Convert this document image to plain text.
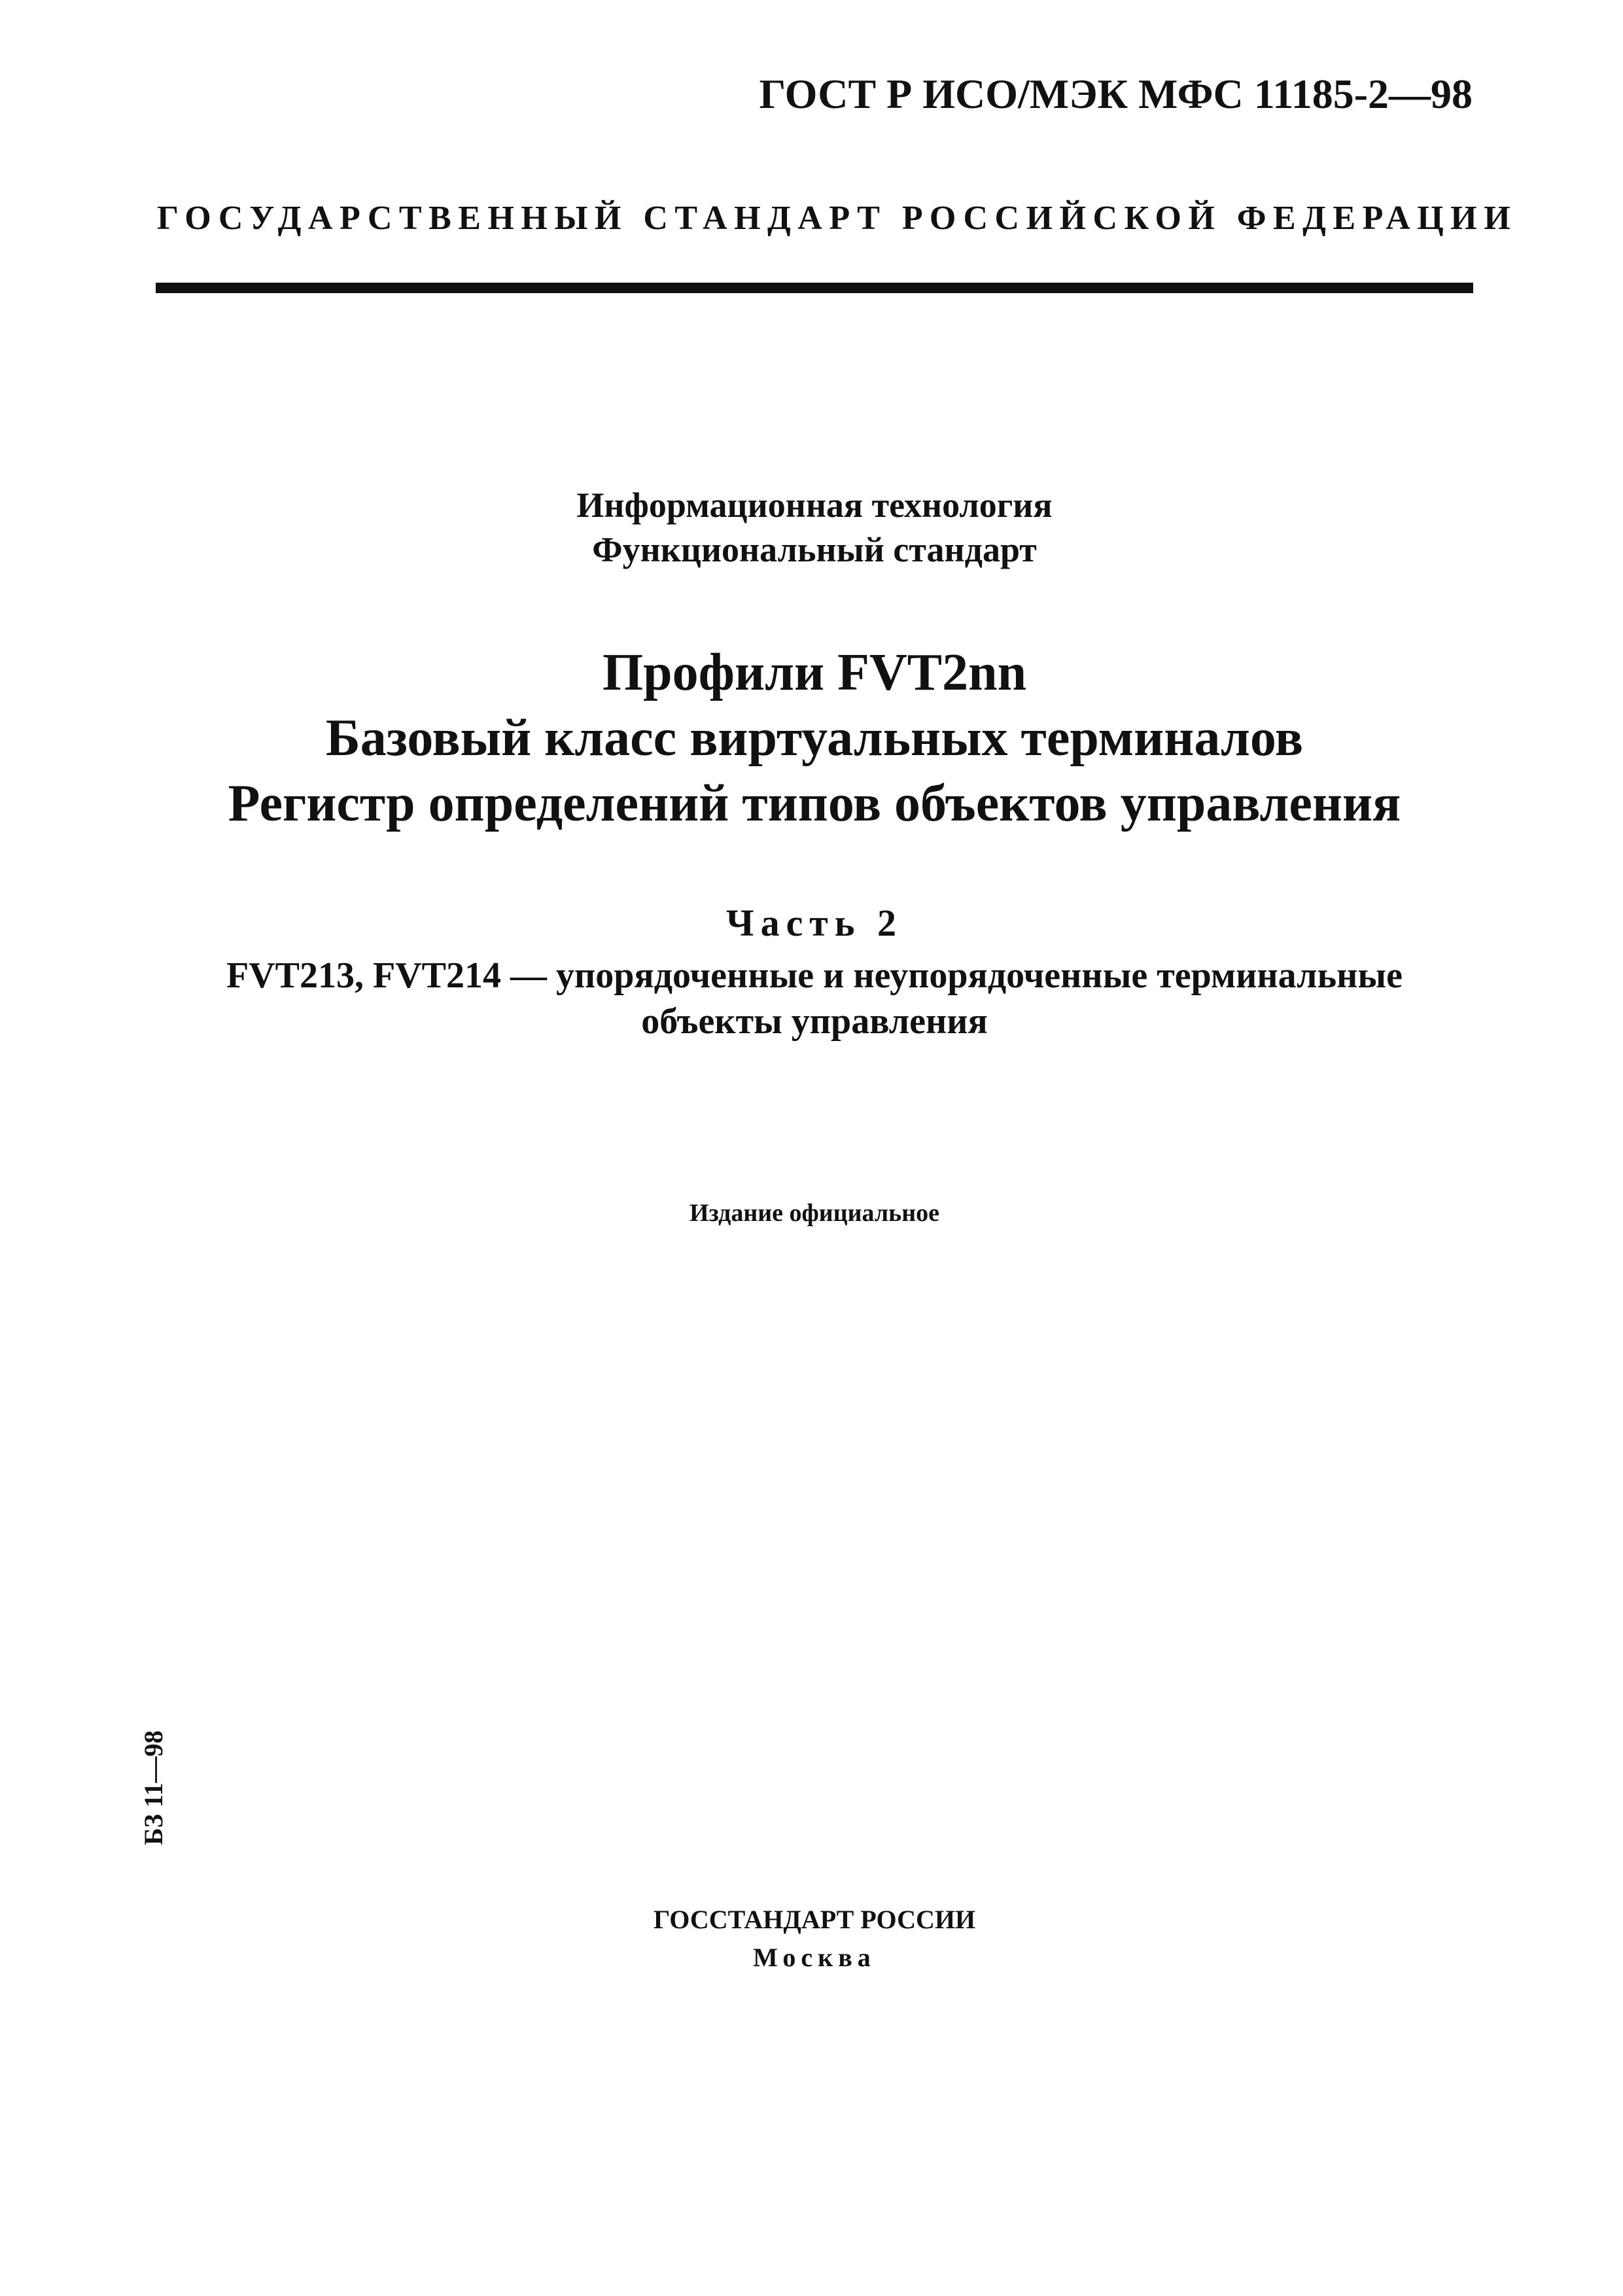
ГОСТ Р ИСО/МЭК МФС 11185-2—98
ГОСУДАРСТВЕННЫЙ СТАНДАРТ РОССИЙСКОЙ ФЕДЕРАЦИИ
Информационная технология
Функциональный стандарт
Профили FVT2nn
Базовый класс виртуальных терминалов
Регистр определений типов объектов управления
Часть 2
FVT213, FVT214 — упорядоченные и неупорядоченные терминальные
объекты управления
Издание официальное
БЗ 11—98
ГОССТАНДАРТ РОССИИ
Москва
